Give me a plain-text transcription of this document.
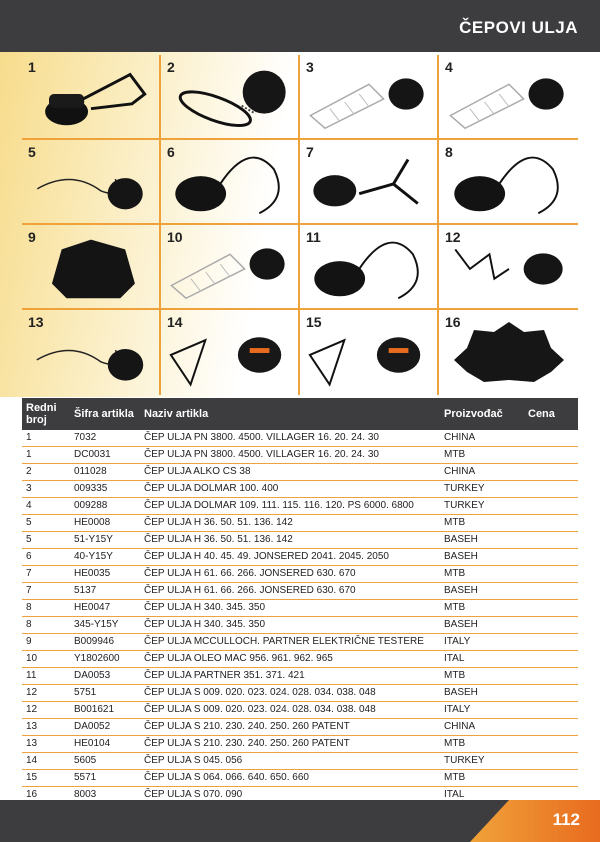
ČEPOVI ULJA
1	2	3	4
5	6	7	8
9	10	11	12
13	14	15	16
Redni broj	Šifra artikla	Naziv artikla	Proizvođač	Cena
1	7032	ČEP ULJA PN 3800. 4500. VILLAGER 16. 20. 24. 30	CHINA	
1	DC0031	ČEP ULJA PN 3800. 4500. VILLAGER 16. 20. 24. 30	MTB	
2	011028	ČEP ULJA ALKO CS 38	CHINA	
3	009335	ČEP ULJA DOLMAR 100. 400	TURKEY	
4	009288	ČEP ULJA DOLMAR 109. 111. 115. 116. 120. PS 6000. 6800	TURKEY	
5	HE0008	ČEP ULJA H 36. 50. 51. 136. 142	MTB	
5	51-Y15Y	ČEP ULJA H 36. 50. 51. 136. 142	BASEH	
6	40-Y15Y	ČEP ULJA H 40. 45. 49. JONSERED 2041. 2045. 2050	BASEH	
7	HE0035	ČEP ULJA H 61. 66. 266. JONSERED 630. 670	MTB	
7	5137	ČEP ULJA H 61. 66. 266. JONSERED 630. 670	BASEH	
8	HE0047	ČEP ULJA H 340. 345. 350	MTB	
8	345-Y15Y	ČEP ULJA H 340. 345. 350	BASEH	
9	B009946	ČEP ULJA MCCULLOCH. PARTNER ELEKTRIČNE TESTERE	ITALY	
10	Y1802600	ČEP ULJA OLEO MAC 956. 961. 962. 965	ITAL	
11	DA0053	ČEP ULJA PARTNER 351. 371. 421	MTB	
12	5751	ČEP ULJA S 009. 020. 023. 024. 028. 034. 038. 048	BASEH	
12	B001621	ČEP ULJA S 009. 020. 023. 024. 028. 034. 038. 048	ITALY	
13	DA0052	ČEP ULJA S 210. 230. 240. 250. 260 PATENT	CHINA	
13	HE0104	ČEP ULJA S 210. 230. 240. 250. 260 PATENT	MTB	
14	5605	ČEP ULJA S 045. 056	TURKEY	
15	5571	ČEP ULJA S 064. 066. 640. 650. 660	MTB	
16	8003	ČEP ULJA S 070. 090	ITAL	
112
